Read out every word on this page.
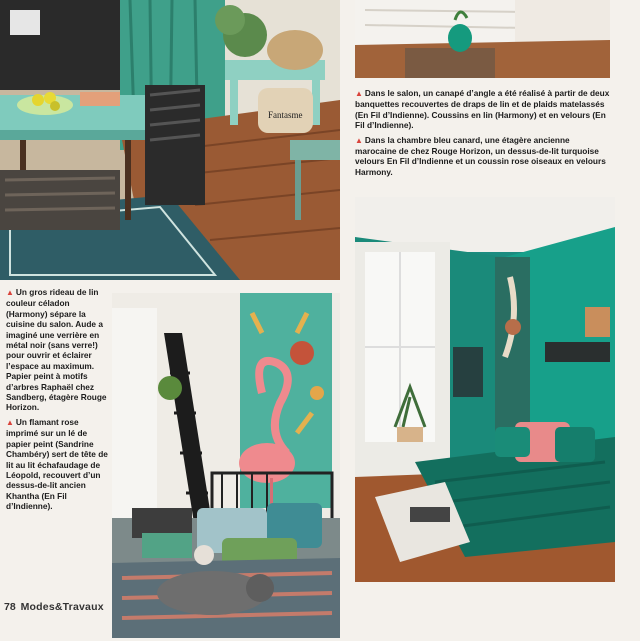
Fantasme

▲ Dans le salon, un canapé d’angle a été réalisé à partir de deux banquettes recouvertes de draps de lin et de plaids matelassés (En Fil d’Indienne). Coussins en lin (Harmony) et en velours (En Fil d’Indienne).

▲ Dans la chambre bleu canard, une étagère ancienne marocaine de chez Rouge Horizon, un dessus-de-lit turquoise velours En Fil d’Indienne et un coussin rose oiseaux en velours Harmony.

▲ Un gros rideau de lin couleur céladon (Harmony) sépare la cuisine du salon. Aude a imaginé une verrière en métal noir (sans verre!) pour ouvrir et éclairer l’espace au maximum. Papier peint à motifs d’arbres Raphaël chez Sandberg, étagère Rouge Horizon.

▲ Un flamant rose imprimé sur un lé de papier peint (Sandrine Chambéry) sert de tête de lit au lit échafaudage de Léopold, recouvert d’un dessus-de-lit ancien Khantha (En Fil d’Indienne).

78 Modes&Travaux
